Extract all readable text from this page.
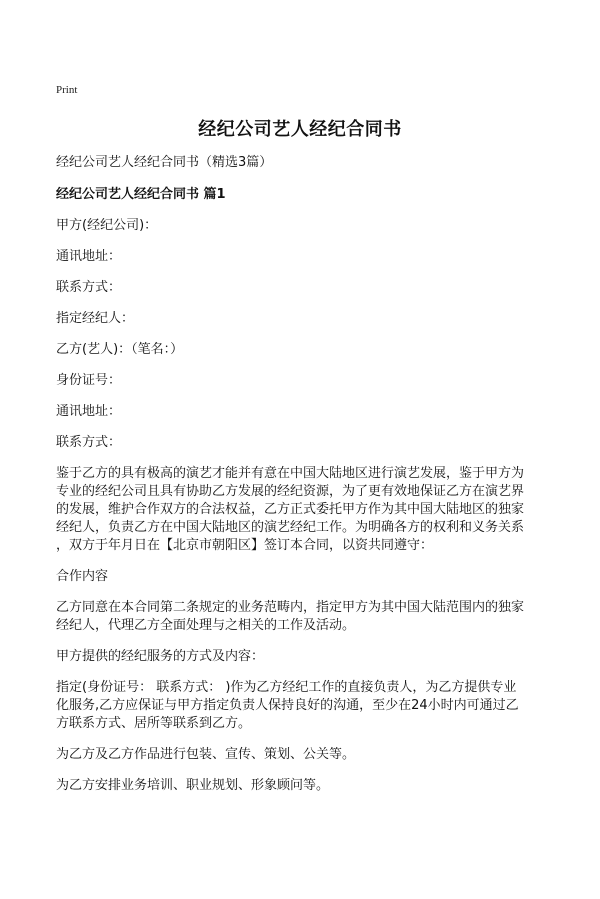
Print
经纪公司艺人经纪合同书

经纪公司艺人经纪合同书（精选3篇）

经纪公司艺人经纪合同书 篇1

甲方(经纪公司)：

通讯地址：

联系方式：

指定经纪人：

乙方(艺人)：（笔名：）

身份证号：

通讯地址：

联系方式：

鉴于乙方的具有极高的演艺才能并有意在中国大陆地区进行演艺发展，鉴于甲方为

专业的经纪公司且具有协助乙方发展的经纪资源，为了更有效地保证乙方在演艺界

的发展，维护合作双方的合法权益，乙方正式委托甲方作为其中国大陆地区的独家

经纪人，负责乙方在中国大陆地区的演艺经纪工作。为明确各方的权利和义务关系

，双方于年月日在【北京市朝阳区】签订本合同，以资共同遵守：

合作内容

乙方同意在本合同第二条规定的业务范畴内，指定甲方为其中国大陆范围内的独家

经纪人，代理乙方全面处理与之相关的工作及活动。

甲方提供的经纪服务的方式及内容：

指定(身份证号： 联系方式： )作为乙方经纪工作的直接负责人，为乙方提供专业

化服务,乙方应保证与甲方指定负责人保持良好的沟通，至少在24小时内可通过乙

方联系方式、居所等联系到乙方。

为乙方及乙方作品进行包装、宣传、策划、公关等。

为乙方安排业务培训、职业规划、形象顾问等。
